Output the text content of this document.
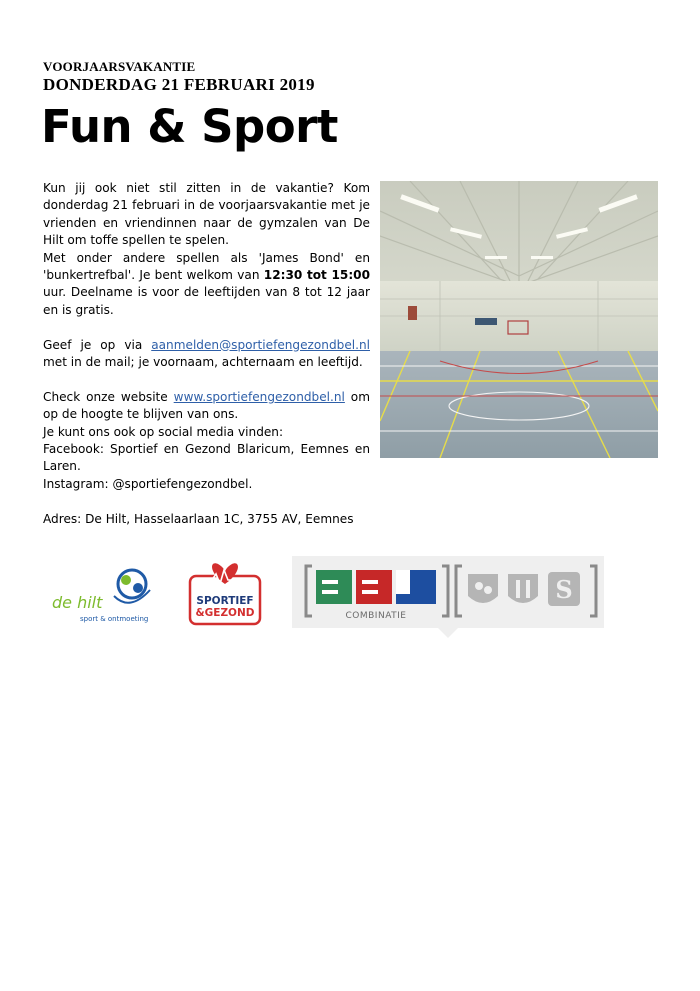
VOORJAARSVAKANTIE
DONDERDAG 21 FEBRUARI 2019
Fun & Sport

Kun jij ook niet stil zitten in de vakantie? Kom donderdag 21 februari in de voorjaarsvakantie met je vrienden en vriendinnen naar de gymzalen van De Hilt om toffe spellen te spelen.

Met onder andere spellen als 'James Bond' en 'bunkertrefbal'. Je bent welkom van 12:30 tot 15:00 uur. Deelname is voor de leeftijden van 8 tot 12 jaar en is gratis.

Geef je op via aanmelden@sportiefengezondbel.nl met in de mail; je voornaam, achternaam en leeftijd.

Check onze website www.sportiefengezondbel.nl om op de hoogte te blijven van ons.

Je kunt ons ook op social media vinden:

Facebook: Sportief en Gezond Blaricum, Eemnes en Laren.

Instagram: @sportiefengezondbel.

Adres: De Hilt, Hasselaarlaan 1C, 3755 AV, Eemnes

de hilt
sport & ontmoeting
SPORTIEF
&GEZOND	COMBINATIE
S
